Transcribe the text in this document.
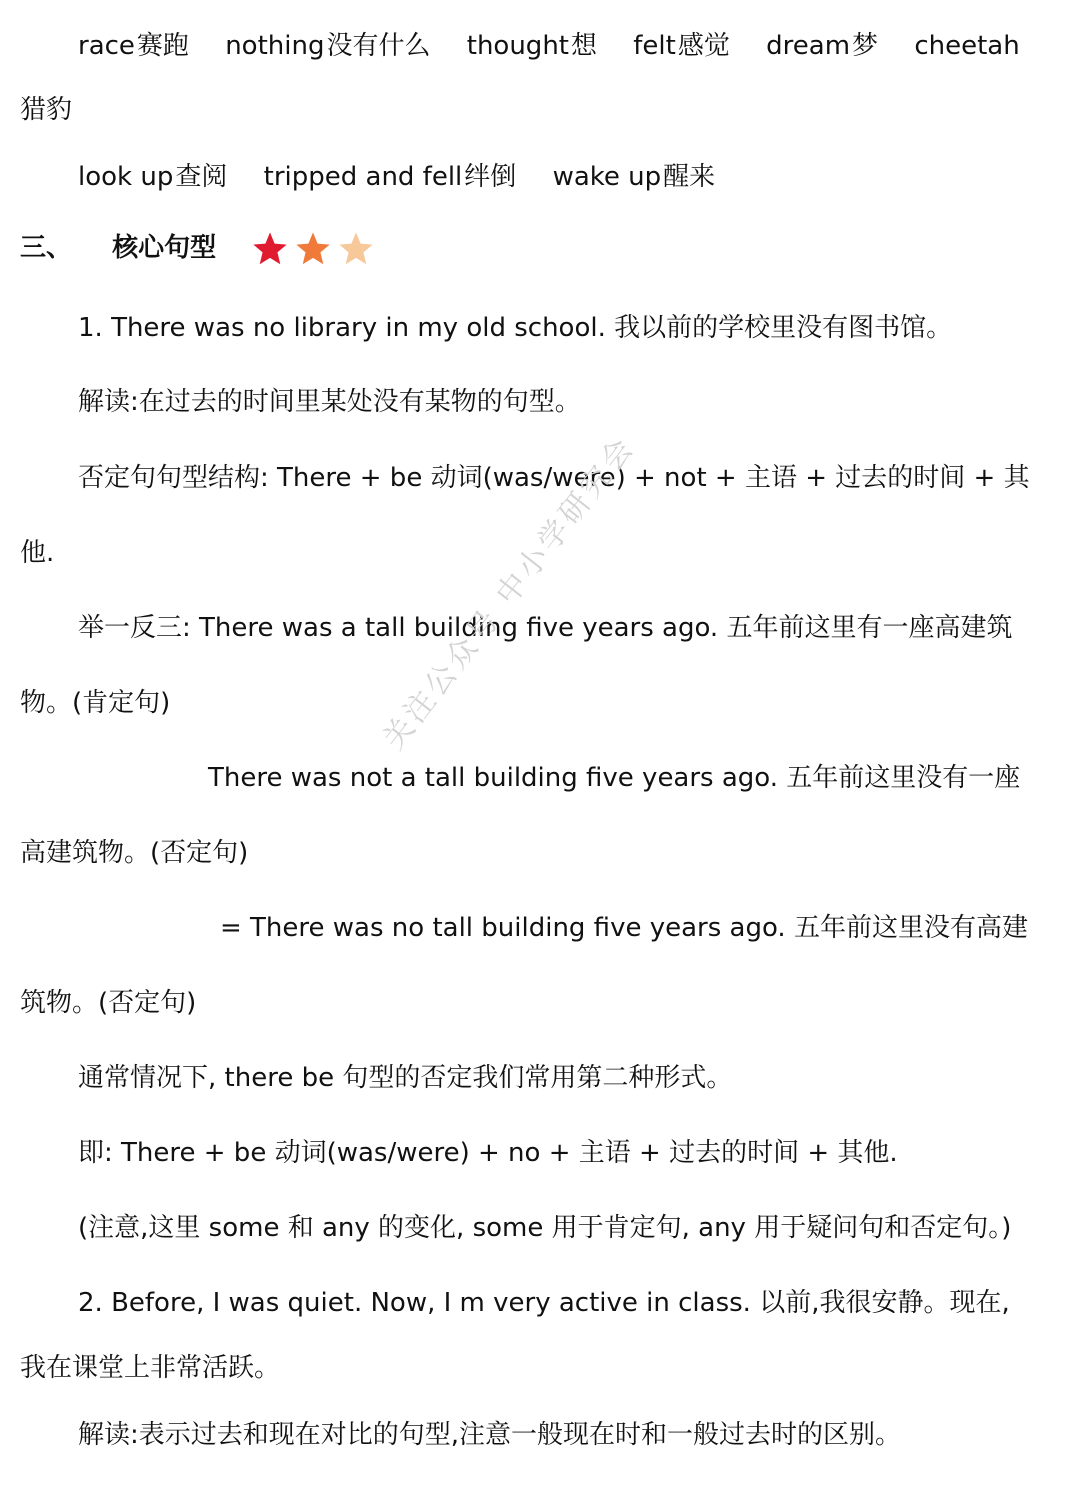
race赛跑 nothing没有什么 thought想 felt感觉 dream梦 cheetah
猎豹
look up查阅 tripped and fell绊倒 wake up醒来
三、 核心句型
1. There was no library in my old school. 我以前的学校里没有图书馆。
解读:在过去的时间里某处没有某物的句型。
否定句句型结构: There + be 动词(was/were) + not + 主语 + 过去的时间 + 其
他.
举一反三: There was a tall building five years ago. 五年前这里有一座高建筑
物。(肯定句)
There was not a tall building five years ago. 五年前这里没有一座
高建筑物。(否定句)
= There was no tall building five years ago. 五年前这里没有高建
筑物。(否定句)
通常情况下, there be 句型的否定我们常用第二种形式。
即: There + be 动词(was/were) + no + 主语 + 过去的时间 + 其他.
(注意,这里 some 和 any 的变化, some 用于肯定句, any 用于疑问句和否定句。)
2. Before, I was quiet. Now, I m very active in class. 以前,我很安静。现在,
我在课堂上非常活跃。
解读:表示过去和现在对比的句型,注意一般现在时和一般过去时的区别。
关注公众号 中小学研究会
